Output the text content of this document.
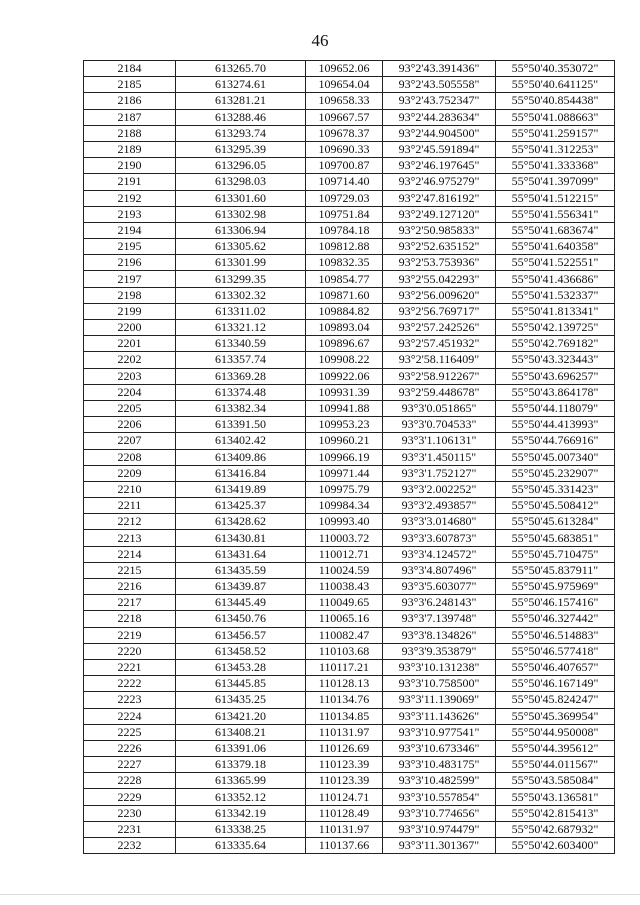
46
2184	613265.70	109652.06	93°2'43.391436"	55°50'40.353072"
2185	613274.61	109654.04	93°2'43.505558"	55°50'40.641125"
2186	613281.21	109658.33	93°2'43.752347"	55°50'40.854438"
2187	613288.46	109667.57	93°2'44.283634"	55°50'41.088663"
2188	613293.74	109678.37	93°2'44.904500"	55°50'41.259157"
2189	613295.39	109690.33	93°2'45.591894"	55°50'41.312253"
2190	613296.05	109700.87	93°2'46.197645"	55°50'41.333368"
2191	613298.03	109714.40	93°2'46.975279"	55°50'41.397099"
2192	613301.60	109729.03	93°2'47.816192"	55°50'41.512215"
2193	613302.98	109751.84	93°2'49.127120"	55°50'41.556341"
2194	613306.94	109784.18	93°2'50.985833"	55°50'41.683674"
2195	613305.62	109812.88	93°2'52.635152"	55°50'41.640358"
2196	613301.99	109832.35	93°2'53.753936"	55°50'41.522551"
2197	613299.35	109854.77	93°2'55.042293"	55°50'41.436686"
2198	613302.32	109871.60	93°2'56.009620"	55°50'41.532337"
2199	613311.02	109884.82	93°2'56.769717"	55°50'41.813341"
2200	613321.12	109893.04	93°2'57.242526"	55°50'42.139725"
2201	613340.59	109896.67	93°2'57.451932"	55°50'42.769182"
2202	613357.74	109908.22	93°2'58.116409"	55°50'43.323443"
2203	613369.28	109922.06	93°2'58.912267"	55°50'43.696257"
2204	613374.48	109931.39	93°2'59.448678"	55°50'43.864178"
2205	613382.34	109941.88	93°3'0.051865"	55°50'44.118079"
2206	613391.50	109953.23	93°3'0.704533"	55°50'44.413993"
2207	613402.42	109960.21	93°3'1.106131"	55°50'44.766916"
2208	613409.86	109966.19	93°3'1.450115"	55°50'45.007340"
2209	613416.84	109971.44	93°3'1.752127"	55°50'45.232907"
2210	613419.89	109975.79	93°3'2.002252"	55°50'45.331423"
2211	613425.37	109984.34	93°3'2.493857"	55°50'45.508412"
2212	613428.62	109993.40	93°3'3.014680"	55°50'45.613284"
2213	613430.81	110003.72	93°3'3.607873"	55°50'45.683851"
2214	613431.64	110012.71	93°3'4.124572"	55°50'45.710475"
2215	613435.59	110024.59	93°3'4.807496"	55°50'45.837911"
2216	613439.87	110038.43	93°3'5.603077"	55°50'45.975969"
2217	613445.49	110049.65	93°3'6.248143"	55°50'46.157416"
2218	613450.76	110065.16	93°3'7.139748"	55°50'46.327442"
2219	613456.57	110082.47	93°3'8.134826"	55°50'46.514883"
2220	613458.52	110103.68	93°3'9.353879"	55°50'46.577418"
2221	613453.28	110117.21	93°3'10.131238"	55°50'46.407657"
2222	613445.85	110128.13	93°3'10.758500"	55°50'46.167149"
2223	613435.25	110134.76	93°3'11.139069"	55°50'45.824247"
2224	613421.20	110134.85	93°3'11.143626"	55°50'45.369954"
2225	613408.21	110131.97	93°3'10.977541"	55°50'44.950008"
2226	613391.06	110126.69	93°3'10.673346"	55°50'44.395612"
2227	613379.18	110123.39	93°3'10.483175"	55°50'44.011567"
2228	613365.99	110123.39	93°3'10.482599"	55°50'43.585084"
2229	613352.12	110124.71	93°3'10.557854"	55°50'43.136581"
2230	613342.19	110128.49	93°3'10.774656"	55°50'42.815413"
2231	613338.25	110131.97	93°3'10.974479"	55°50'42.687932"
2232	613335.64	110137.66	93°3'11.301367"	55°50'42.603400"
